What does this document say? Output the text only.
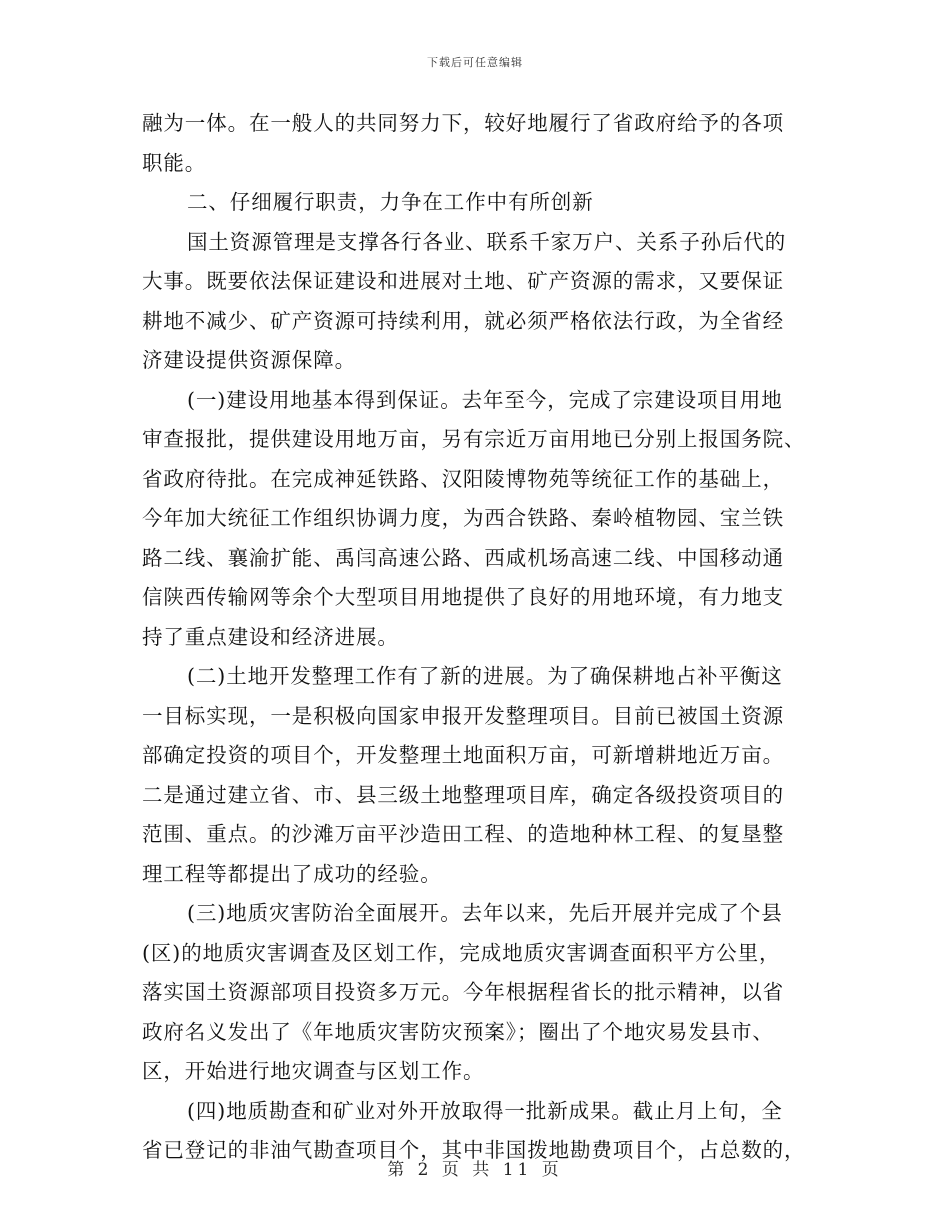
下载后可任意编辑
融为一体。在一般人的共同努力下，较好地履行了省政府给予的各项
职能。
二、仔细履行职责，力争在工作中有所创新
国土资源管理是支撑各行各业、联系千家万户、关系子孙后代的
大事。既要依法保证建设和进展对土地、矿产资源的需求，又要保证
耕地不减少、矿产资源可持续利用，就必须严格依法行政，为全省经
济建设提供资源保障。
(一)建设用地基本得到保证。去年至今，完成了宗建设项目用地
审查报批，提供建设用地万亩，另有宗近万亩用地已分别上报国务院、
省政府待批。在完成神延铁路、汉阳陵博物苑等统征工作的基础上，
今年加大统征工作组织协调力度，为西合铁路、秦岭植物园、宝兰铁
路二线、襄渝扩能、禹闫高速公路、西咸机场高速二线、中国移动通
信陕西传输网等余个大型项目用地提供了良好的用地环境，有力地支
持了重点建设和经济进展。
(二)土地开发整理工作有了新的进展。为了确保耕地占补平衡这
一目标实现，一是积极向国家申报开发整理项目。目前已被国土资源
部确定投资的项目个，开发整理土地面积万亩，可新增耕地近万亩。
二是通过建立省、市、县三级土地整理项目库，确定各级投资项目的
范围、重点。的沙滩万亩平沙造田工程、的造地种林工程、的复垦整
理工程等都提出了成功的经验。
(三)地质灾害防治全面展开。去年以来，先后开展并完成了个县
(区)的地质灾害调查及区划工作，完成地质灾害调查面积平方公里，
落实国土资源部项目投资多万元。今年根据程省长的批示精神，以省
政府名义发出了《年地质灾害防灾预案》；圈出了个地灾易发县市、
区，开始进行地灾调查与区划工作。
(四)地质勘查和矿业对外开放取得一批新成果。截止月上旬，全
省已登记的非油气勘查项目个，其中非国拨地勘费项目个，占总数的，
第 2 页 共 11 页
